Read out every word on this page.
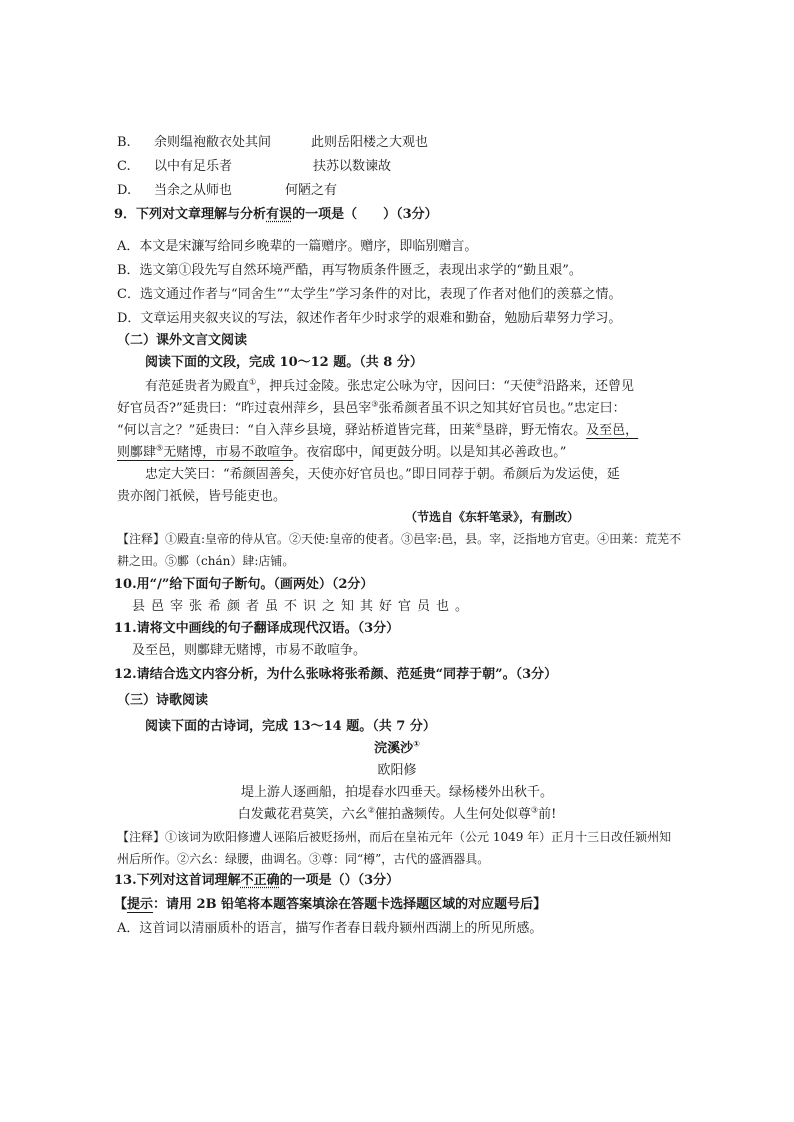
B. 余则缊袍敝衣处其间	此则岳阳楼之大观也
C. 以中有足乐者	扶苏以数谏故
D. 当余之从师也	何陋之有
9．下列对文章理解与分析有误的一项是（　　）（3分）
A．本文是宋濂写给同乡晚辈的一篇赠序。赠序，即临别赠言。
B．选文第①段先写自然环境严酷，再写物质条件匮乏，表现出求学的“勤且艰”。
C．选文通过作者与“同舍生”“太学生”学习条件的对比，表现了作者对他们的羡慕之情。
D．文章运用夹叙夹议的写法，叙述作者年少时求学的艰难和勤奋，勉励后辈努力学习。
（二）课外文言文阅读
阅读下面的文段，完成 10～12 题。（共 8 分）
有范延贵者为殿直①，押兵过金陵。张忠定公咏为守，因问曰：“天使②沿路来，还曾见
好官员否?”延贵曰：“昨过袁州萍乡，县邑宰③张希颜者虽不识之知其好官员也。”忠定曰：
“何以言之？”延贵曰：“自入萍乡县境，驿站桥道皆完葺，田莱④垦辟，野无惰农。及至邑，
则鄽肆⑤无赌博，市易不敢喧争。夜宿邸中，闻更鼓分明。以是知其必善政也。”
忠定大笑曰：“希颜固善矣，天使亦好官员也。”即日同荐于朝。希颜后为发运使，延
贵亦阁门祇候，皆号能吏也。
（节选自《东轩笔录》，有删改）
【注释】①殿直:皇帝的侍从官。②天使:皇帝的使者。③邑宰:邑，县。宰，泛指地方官吏。④田莱：荒芜不
耕之田。⑤鄽（chán）肆:店铺。
10.用“/”给下面句子断句。（画两处）（2分）
县邑宰张希颜者虽不识之知其好官员也。
11.请将文中画线的句子翻译成现代汉语。（3分）
及至邑，则鄽肆无赌博，市易不敢喧争。
12.请结合选文内容分析，为什么张咏将张希颜、范延贵“同荐于朝”。（3分）
（三）诗歌阅读
阅读下面的古诗词，完成 13～14 题。（共 7 分）
浣溪沙①
欧阳修
堤上游人逐画船，拍堤春水四垂天。绿杨楼外出秋千。
白发戴花君莫笑，六幺②催拍盏频传。人生何处似尊③前!
【注释】①该词为欧阳修遭人诬陷后被贬扬州，而后在皇祐元年（公元 1049 年）正月十三日改任颍州知
州后所作。②六幺：绿腰，曲调名。③尊：同“樽”，古代的盛酒器具。
13.下列对这首词理解不正确的一项是（）（3分）
【提示：请用 2B 铅笔将本题答案填涂在答题卡选择题区域的对应题号后】
A．这首词以清丽质朴的语言，描写作者春日载舟颍州西湖上的所见所感。
